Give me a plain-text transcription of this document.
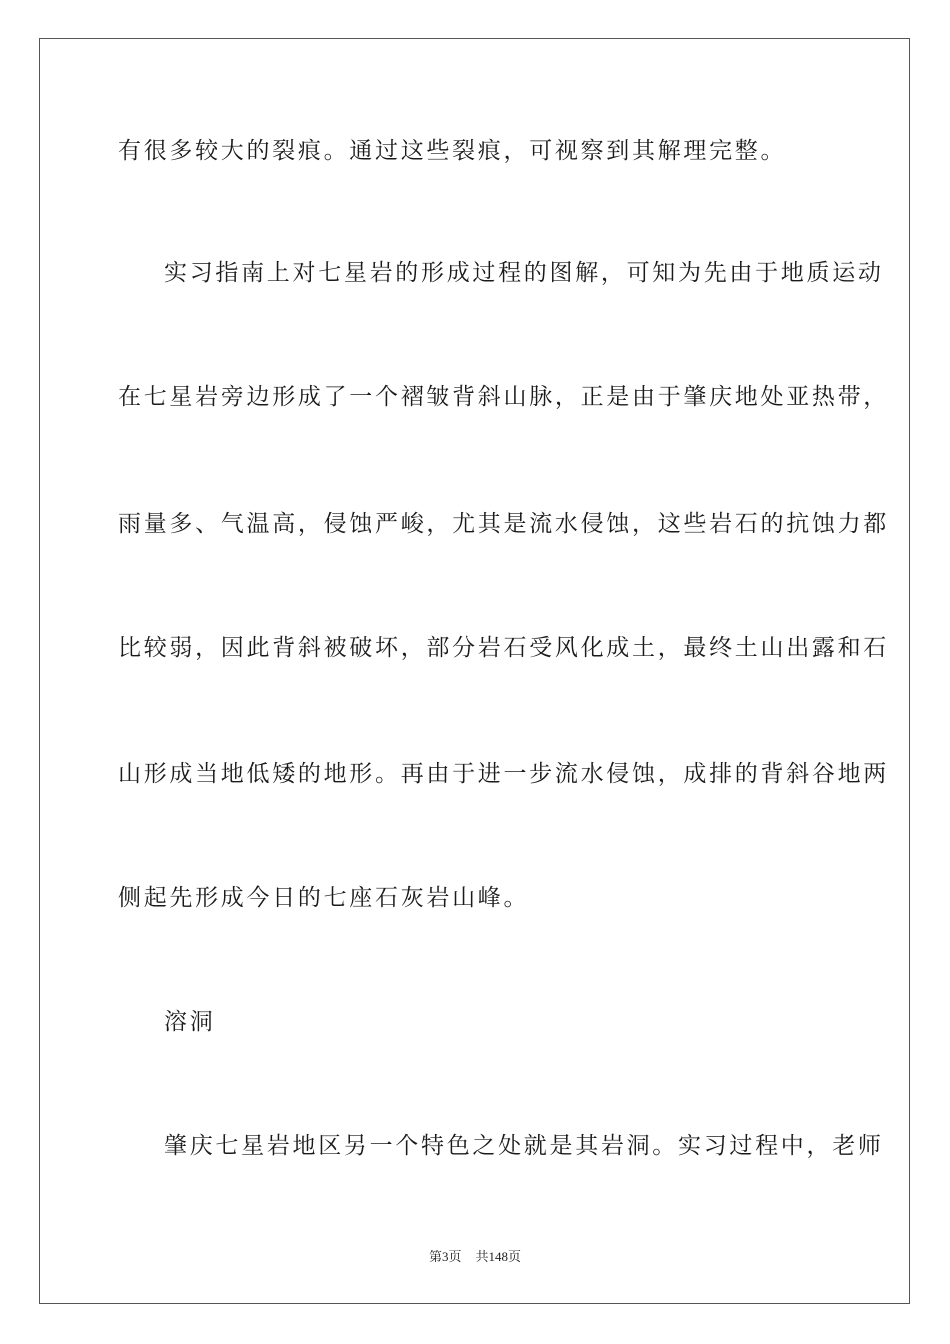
有很多较大的裂痕。通过这些裂痕，可视察到其解理完整。
实习指南上对七星岩的形成过程的图解，可知为先由于地质运动
在七星岩旁边形成了一个褶皱背斜山脉，正是由于肇庆地处亚热带，
雨量多、气温高，侵蚀严峻，尤其是流水侵蚀，这些岩石的抗蚀力都
比较弱，因此背斜被破坏，部分岩石受风化成土，最终土山出露和石
山形成当地低矮的地形。再由于进一步流水侵蚀，成排的背斜谷地两
侧起先形成今日的七座石灰岩山峰。
溶洞
肇庆七星岩地区另一个特色之处就是其岩洞。实习过程中，老师
第3页 共148页
